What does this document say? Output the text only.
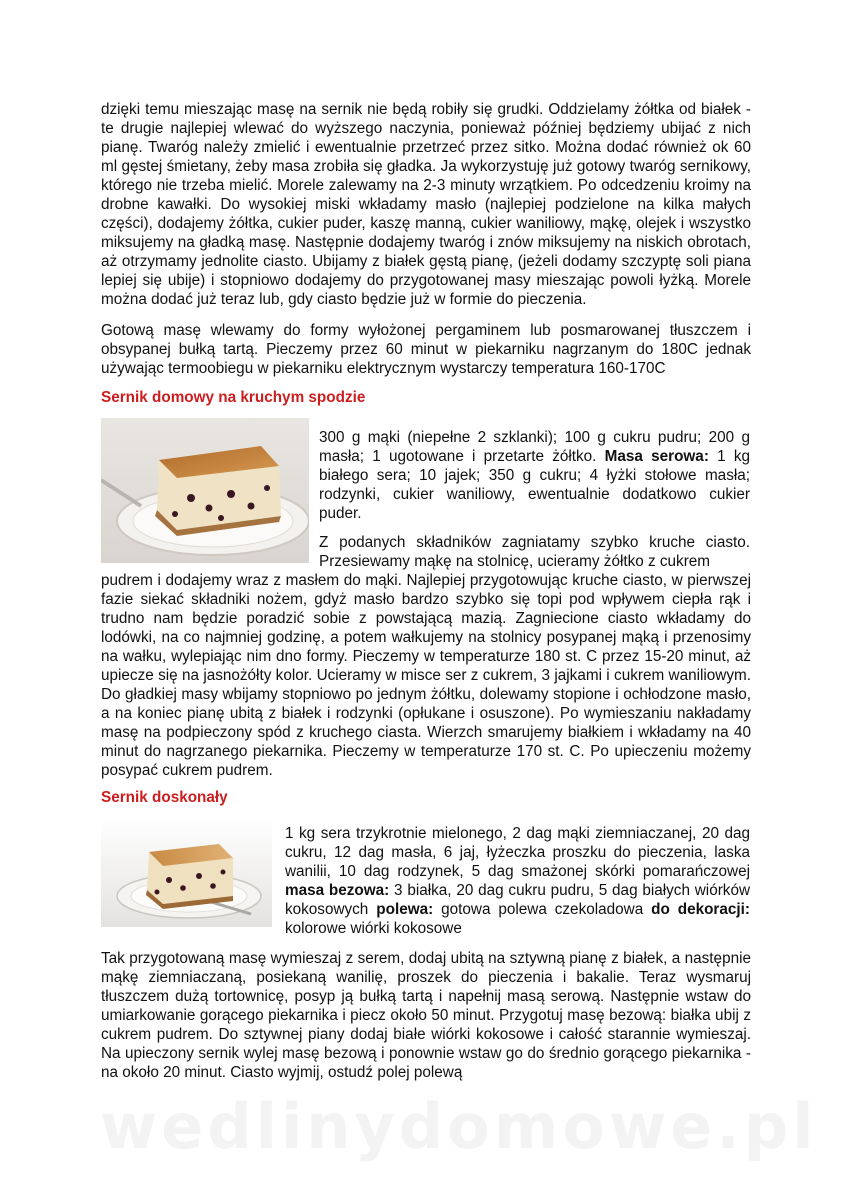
dzięki temu mieszając masę na sernik nie będą robiły się grudki. Oddzielamy żółtka od białek - te drugie najlepiej wlewać do wyższego naczynia, ponieważ później będziemy ubijać z nich pianę. Twaróg należy zmielić i ewentualnie przetrzeć przez sitko. Można dodać również ok 60 ml gęstej śmietany, żeby masa zrobiła się gładka. Ja wykorzystuję już gotowy twaróg sernikowy, którego nie trzeba mielić. Morele zalewamy na 2-3 minuty wrzątkiem. Po odcedzeniu kroimy na drobne kawałki. Do wysokiej miski wkładamy masło (najlepiej podzielone na kilka małych części), dodajemy żółtka, cukier puder, kaszę manną, cukier waniliowy, mąkę, olejek i wszystko miksujemy na gładką masę. Następnie dodajemy twaróg i znów miksujemy na niskich obrotach, aż otrzymamy jednolite ciasto. Ubijamy z białek gęstą pianę, (jeżeli dodamy szczyptę soli piana lepiej się ubije) i stopniowo dodajemy do przygotowanej masy mieszając powoli łyżką. Morele można dodać już teraz lub, gdy ciasto będzie już w formie do pieczenia.

Gotową masę wlewamy do formy wyłożonej pergaminem lub posmarowanej tłuszczem i obsypanej bułką tartą. Pieczemy przez 60 minut w piekarniku nagrzanym do 180C jednak używając termoobiegu w piekarniku elektrycznym wystarczy temperatura 160-170C

Sernik domowy na kruchym spodzie

300 g mąki (niepełne 2 szklanki); 100 g cukru pudru; 200 g masła; 1 ugotowane i przetarte żółtko. Masa serowa: 1 kg białego sera; 10 jajek; 350 g cukru; 4 łyżki stołowe masła; rodzynki, cukier waniliowy, ewentualnie dodatkowo cukier puder.

Z podanych składników zagniatamy szybko kruche ciasto. Przesiewamy mąkę na stolnicę, ucieramy żółtko z cukrem

pudrem i dodajemy wraz z masłem do mąki. Najlepiej przygotowując kruche ciasto, w pierwszej fazie siekać składniki nożem, gdyż masło bardzo szybko się topi pod wpływem ciepła rąk i trudno nam będzie poradzić sobie z powstającą mazią. Zagniecione ciasto wkładamy do lodówki, na co najmniej godzinę, a potem wałkujemy na stolnicy posypanej mąką i przenosimy na wałku, wylepiając nim dno formy. Pieczemy w temperaturze 180 st. C przez 15-20 minut, aż upiecze się na jasnożółty kolor. Ucieramy w misce ser z cukrem, 3 jajkami i cukrem waniliowym. Do gładkiej masy wbijamy stopniowo po jednym żółtku, dolewamy stopione i ochłodzone masło, a na koniec pianę ubitą z białek i rodzynki (opłukane i osuszone). Po wymieszaniu nakładamy masę na podpieczony spód z kruchego ciasta. Wierzch smarujemy białkiem i wkładamy na 40 minut do nagrzanego piekarnika. Pieczemy w temperaturze 170 st. C. Po upieczeniu możemy posypać cukrem pudrem.

Sernik doskonały

1 kg sera trzykrotnie mielonego, 2 dag mąki ziemniaczanej, 20 dag cukru, 12 dag masła, 6 jaj, łyżeczka proszku do pieczenia, laska wanilii, 10 dag rodzynek, 5 dag smażonej skórki pomarańczowej masa bezowa: 3 białka, 20 dag cukru pudru, 5 dag białych wiórków kokosowych polewa: gotowa polewa czekoladowa do dekoracji: kolorowe wiórki kokosowe

Tak przygotowaną masę wymieszaj z serem, dodaj ubitą na sztywną pianę z białek, a następnie mąkę ziemniaczaną, posiekaną wanilię, proszek do pieczenia i bakalie. Teraz wysmaruj tłuszczem dużą tortownicę, posyp ją bułką tartą i napełnij masą serową. Następnie wstaw do umiarkowanie gorącego piekarnika i piecz około 50 minut. Przygotuj masę bezową: białka ubij z cukrem pudrem. Do sztywnej piany dodaj białe wiórki kokosowe i całość starannie wymieszaj. Na upieczony sernik wylej masę bezową i ponownie wstaw go do średnio gorącego piekarnika - na około 20 minut. Ciasto wyjmij, ostudź polej polewą

wedlinydomowe.pl
